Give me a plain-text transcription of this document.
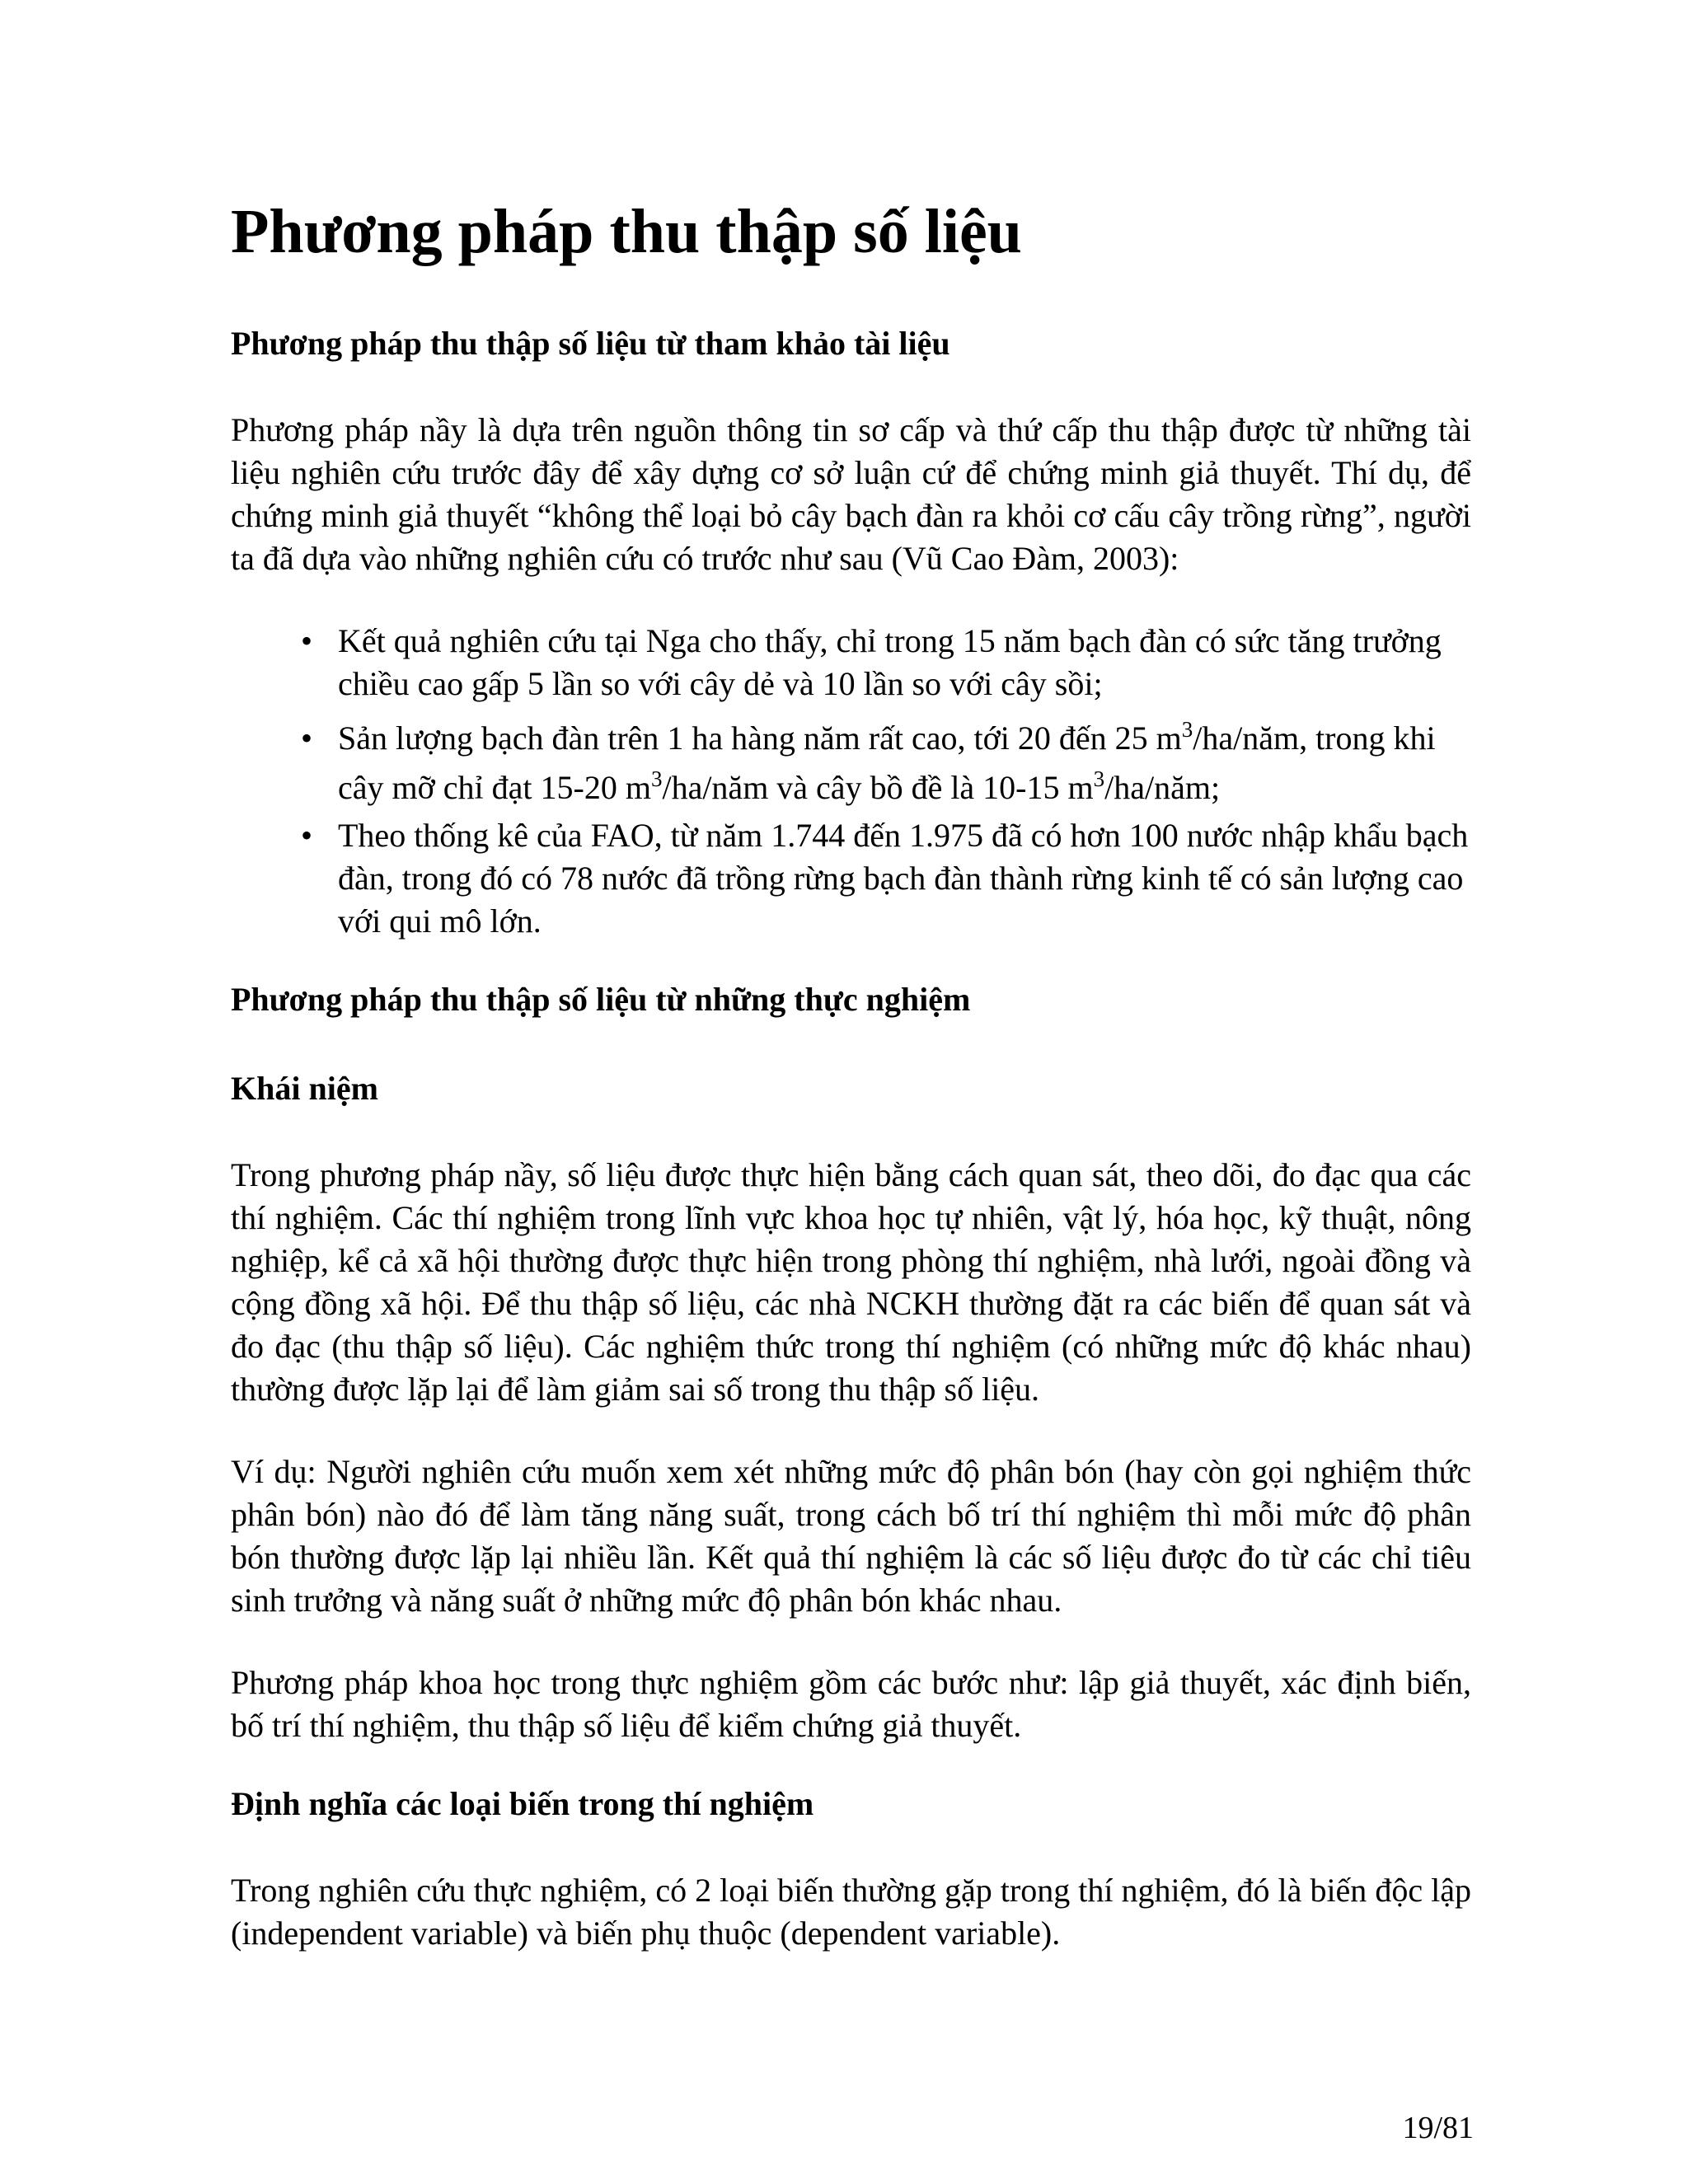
Phương pháp thu thập số liệu
Phương pháp thu thập số liệu từ tham khảo tài liệu

Phương pháp nầy là dựa trên nguồn thông tin sơ cấp và thứ cấp thu thập được từ những tài liệu nghiên cứu trước đây để xây dựng cơ sở luận cứ để chứng minh giả thuyết. Thí dụ, để chứng minh giả thuyết “không thể loại bỏ cây bạch đàn ra khỏi cơ cấu cây trồng rừng”, người ta đã dựa vào những nghiên cứu có trước như sau (Vũ Cao Đàm, 2003):

• Kết quả nghiên cứu tại Nga cho thấy, chỉ trong 15 năm bạch đàn có sức tăng trưởng chiều cao gấp 5 lần so với cây dẻ và 10 lần so với cây sồi;
• Sản lượng bạch đàn trên 1 ha hàng năm rất cao, tới 20 đến 25 $m^3/ha$/năm, trong khi cây mỡ chỉ đạt 15-20 $m^3/ha$/năm và cây bồ đề là 10-15 $m^3/ha$/năm;
• Theo thống kê của FAO, từ năm 1.744 đến 1.975 đã có hơn 100 nước nhập khẩu bạch đàn, trong đó có 78 nước đã trồng rừng bạch đàn thành rừng kinh tế có sản lượng cao với qui mô lớn.
Phương pháp thu thập số liệu từ những thực nghiệm
Khái niệm

Trong phương pháp nầy, số liệu được thực hiện bằng cách quan sát, theo dõi, đo đạc qua các thí nghiệm. Các thí nghiệm trong lĩnh vực khoa học tự nhiên, vật lý, hóa học, kỹ thuật, nông nghiệp, kể cả xã hội thường được thực hiện trong phòng thí nghiệm, nhà lưới, ngoài đồng và cộng đồng xã hội. Để thu thập số liệu, các nhà NCKH thường đặt ra các biến để quan sát và đo đạc (thu thập số liệu). Các nghiệm thức trong thí nghiệm (có những mức độ khác nhau) thường được lặp lại để làm giảm sai số trong thu thập số liệu.

Ví dụ: Người nghiên cứu muốn xem xét những mức độ phân bón (hay còn gọi nghiệm thức phân bón) nào đó để làm tăng năng suất, trong cách bố trí thí nghiệm thì mỗi mức độ phân bón thường được lặp lại nhiều lần. Kết quả thí nghiệm là các số liệu được đo từ các chỉ tiêu sinh trưởng và năng suất ở những mức độ phân bón khác nhau.

Phương pháp khoa học trong thực nghiệm gồm các bước như: lập giả thuyết, xác định biến, bố trí thí nghiệm, thu thập số liệu để kiểm chứng giả thuyết.

Định nghĩa các loại biến trong thí nghiệm

Trong nghiên cứu thực nghiệm, có 2 loại biến thường gặp trong thí nghiệm, đó là biến độc lập (independent variable) và biến phụ thuộc (dependent variable).

19/81
